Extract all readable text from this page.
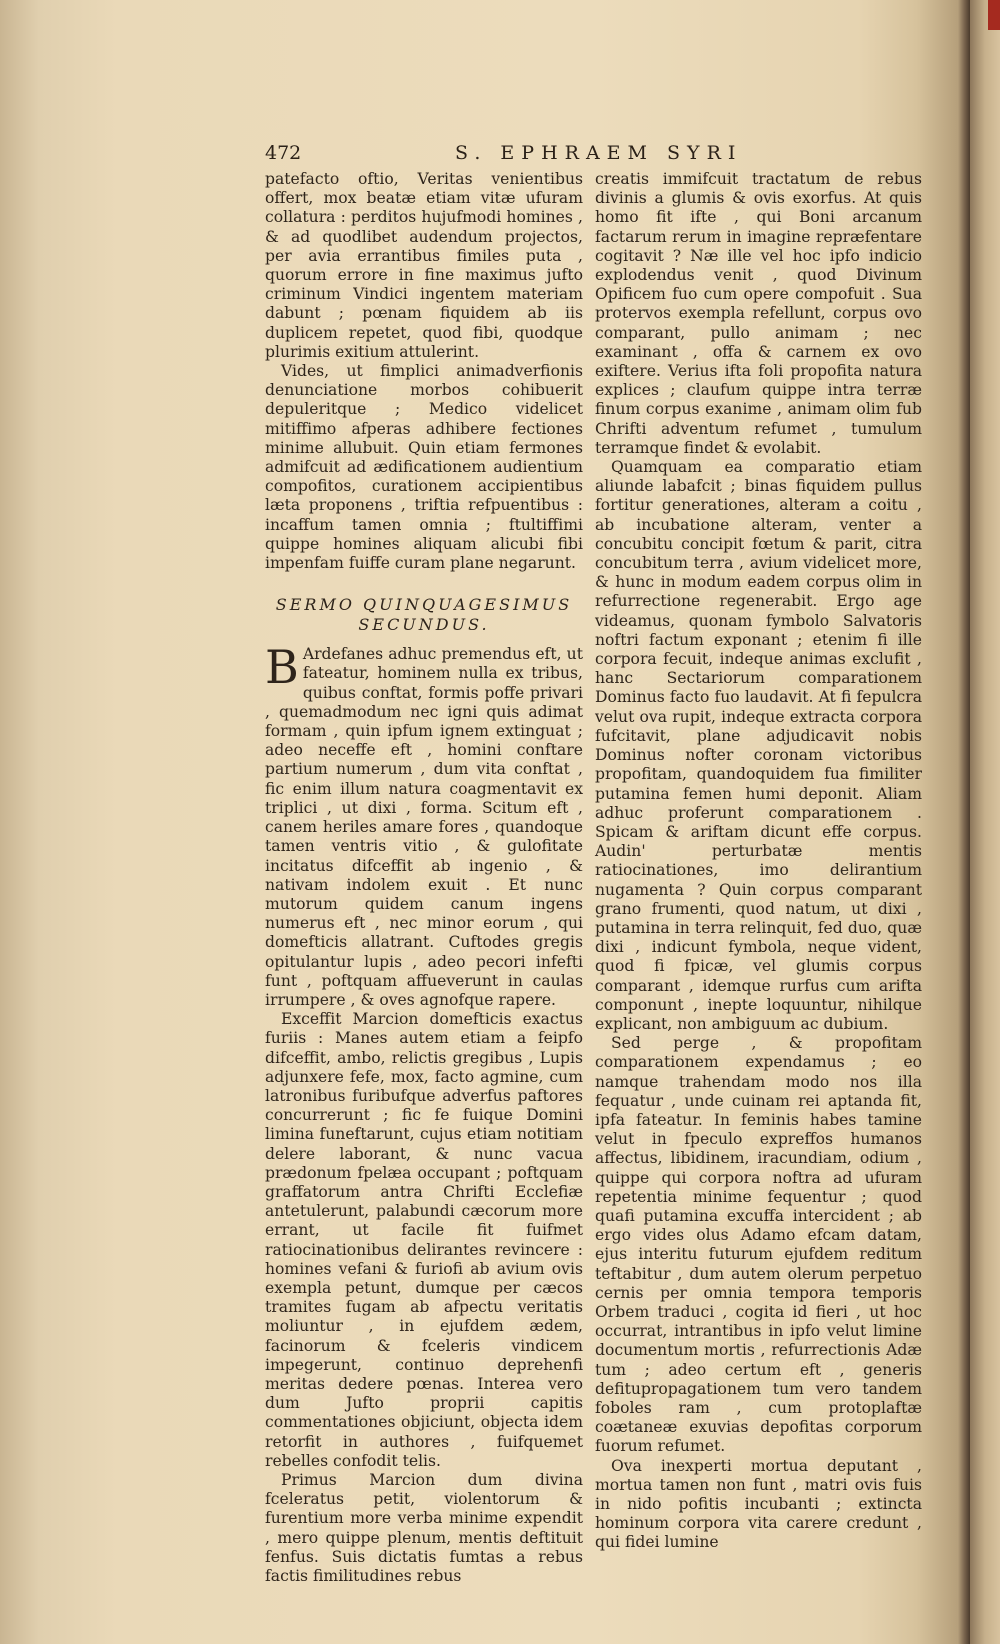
472	S. EPHRAEM SYRI

patefacto oftio, Veritas venientibus offert, mox beatæ etiam vitæ ufuram collatura : perditos hujufmodi homines , & ad quodlibet audendum projectos, per avia errantibus fimiles puta , quorum errore in fine maximus jufto criminum Vindici ingentem materiam dabunt ; pœnam fiquidem ab iis duplicem repetet, quod fibi, quodque plurimis exitium attulerint.

Vides, ut fimplici animadverfionis denunciatione morbos cohibuerit depuleritque ; Medico videlicet mitiffimo afperas adhibere fectiones minime allubuit. Quin etiam fermones admifcuit ad ædificationem audientium compofitos, curationem accipientibus læta proponens , triftia refpuentibus : incaffum tamen omnia ; ftultiffimi quippe homines aliquam alicubi fibi impenfam fuiffe curam plane negarunt.

SERMO QUINQUAGESIMUS
SECUNDUS.

B Ardefanes adhuc premendus eft, ut fateatur, hominem nulla ex tribus, quibus conftat, formis poffe privari , quemadmodum nec igni quis adimat formam , quin ipfum ignem extinguat ; adeo neceffe eft , homini conftare partium numerum , dum vita conftat , fic enim illum natura coagmentavit ex triplici , ut dixi , forma. Scitum eft , canem heriles amare fores , quandoque tamen ventris vitio , & gulofitate incitatus difceffit ab ingenio , & nativam indolem exuit . Et nunc mutorum quidem canum ingens numerus eft , nec minor eorum , qui domefticis allatrant. Cuftodes gregis opitulantur lupis , adeo pecori infefti funt , poftquam affueverunt in caulas irrumpere , & oves agnofque rapere.

Exceffit Marcion domefticis exactus furiis : Manes autem etiam a feipfo difceffit, ambo, relictis gregibus , Lupis adjunxere fefe, mox, facto agmine, cum latronibus furibufque adverfus paftores concurrerunt ; fic fe fuique Domini limina funeftarunt, cujus etiam notitiam delere laborant, & nunc vacua prædonum fpelæa occupant ; poftquam graffatorum antra Chrifti Ecclefiæ antetulerunt, palabundi cæcorum more errant, ut facile fit fuifmet ratiocinationibus delirantes revincere : homines vefani & furiofi ab avium ovis exempla petunt, dumque per cæcos tramites fugam ab afpectu veritatis moliuntur , in ejufdem ædem, facinorum & fceleris vindicem impegerunt, continuo deprehenfi meritas dedere pœnas. Interea vero dum Jufto proprii capitis commentationes objiciunt, objecta idem retorfit in authores , fuifquemet rebelles confodit telis.

Primus Marcion dum divina fceleratus petit, violentorum & furentium more verba minime expendit , mero quippe plenum, mentis deftituit fenfus. Suis dictatis fumtas a rebus factis fimilitudines rebus

creatis immifcuit tractatum de rebus divinis a glumis & ovis exorfus. At quis homo fit ifte , qui Boni arcanum factarum rerum in imagine repræfentare cogitavit ? Næ ille vel hoc ipfo indicio explodendus venit , quod Divinum Opificem fuo cum opere compofuit . Sua protervos exempla refellunt, corpus ovo comparant, pullo animam ; nec examinant , offa & carnem ex ovo exiftere. Verius ifta foli propofita natura explices ; claufum quippe intra terræ finum corpus exanime , animam olim fub Chrifti adventum refumet , tumulum terramque findet & evolabit.

Quamquam ea comparatio etiam aliunde labafcit ; binas fiquidem pullus fortitur generationes, alteram a coitu , ab incubatione alteram, venter a concubitu concipit fœtum & parit, citra concubitum terra , avium videlicet more, & hunc in modum eadem corpus olim in refurrectione regenerabit. Ergo age videamus, quonam fymbolo Salvatoris noftri factum exponant ; etenim fi ille corpora fecuit, indeque animas exclufit , hanc Sectariorum comparationem Dominus facto fuo laudavit. At fi fepulcra velut ova rupit, indeque extracta corpora fufcitavit, plane adjudicavit nobis Dominus nofter coronam victoribus propofitam, quandoquidem fua fimiliter putamina femen humi deponit. Aliam adhuc proferunt comparationem . Spicam & ariftam dicunt effe corpus. Audin' perturbatæ mentis ratiocinationes, imo delirantium nugamenta ? Quin corpus comparant grano frumenti, quod natum, ut dixi , putamina in terra relinquit, fed duo, quæ dixi , indicunt fymbola, neque vident, quod fi fpicæ, vel glumis corpus comparant , idemque rurfus cum arifta componunt , inepte loquuntur, nihilque explicant, non ambiguum ac dubium.

Sed perge , & propofitam comparationem expendamus ; eo namque trahendam modo nos illa fequatur , unde cuinam rei aptanda fit, ipfa fateatur. In feminis habes tamine velut in fpeculo expreffos humanos affectus, libidinem, iracundiam, odium , quippe qui corpora noftra ad ufuram repetentia minime fequentur ; quod quafi putamina excuffa intercident ; ab ergo vides olus Adamo efcam datam, ejus interitu futurum ejufdem reditum teftabitur , dum autem olerum perpetuo cernis per omnia tempora temporis Orbem traduci , cogita id fieri , ut hoc occurrat, intrantibus in ipfo velut limine documentum mortis , refurrectionis Adæ tum ; adeo certum eft , generis defitupropagationem tum vero tandem foboles ram , cum protoplaftæ coætaneæ exuvias depofitas corporum fuorum refumet.

Ova inexperti mortua deputant , mortua tamen non funt , matri ovis fuis in nido pofitis incubanti ; extincta hominum corpora vita carere credunt , qui fidei lumine
